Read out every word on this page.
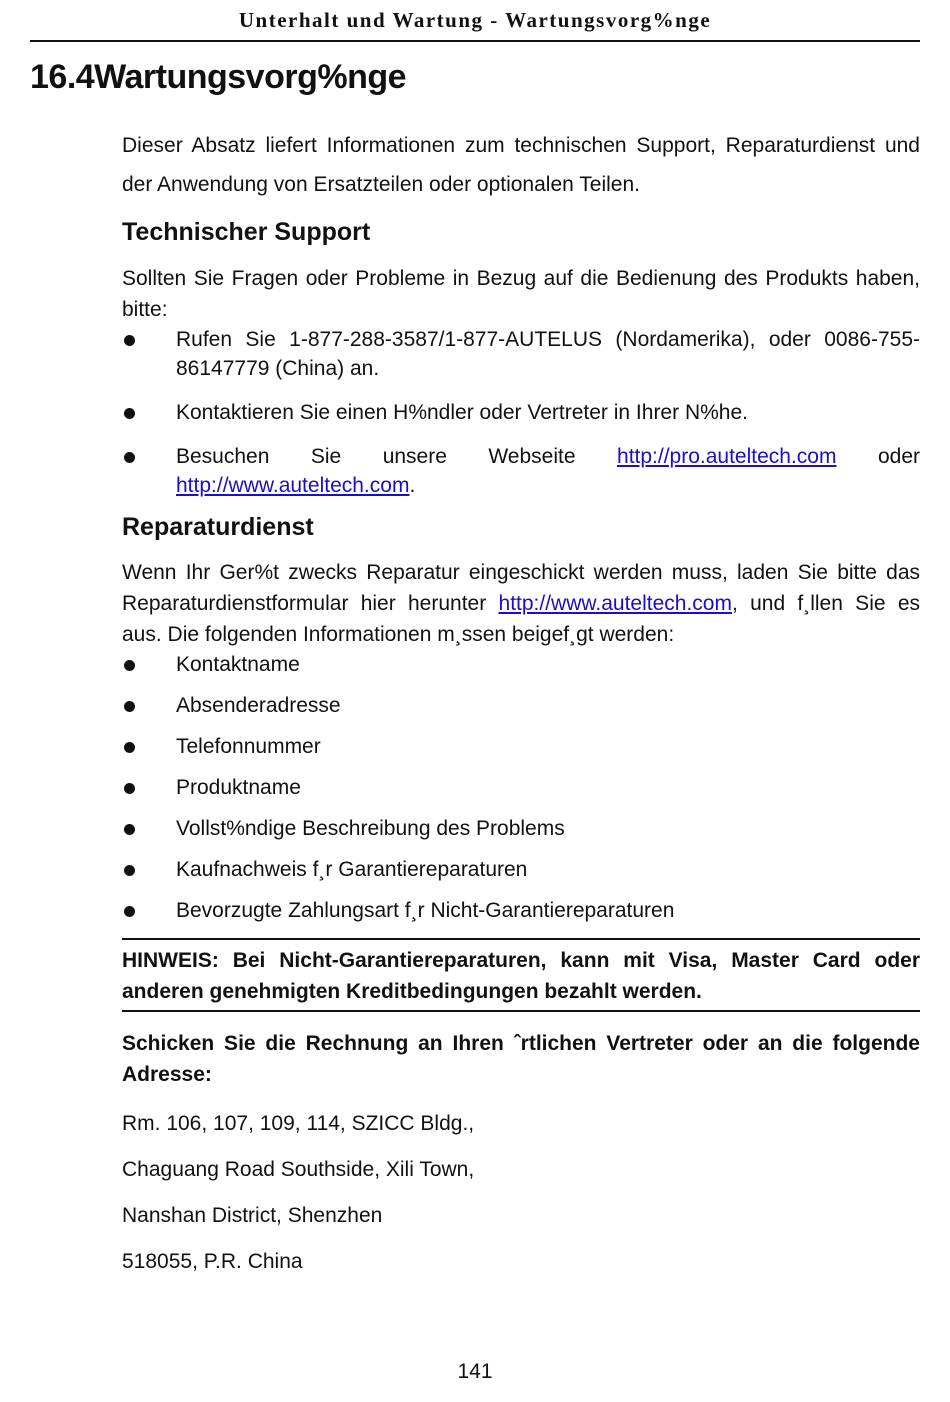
Unterhalt und Wartung - Wartungsvorg%nge
16.4Wartungsvorg%nge

Dieser Absatz liefert Informationen zum technischen Support, Reparaturdienst und der Anwendung von Ersatzteilen oder optionalen Teilen.

Technischer Support

Sollten Sie Fragen oder Probleme in Bezug auf die Bedienung des Produkts haben, bitte:

Rufen Sie 1-877-288-3587/1-877-AUTELUS (Nordamerika), oder 0086-755-86147779 (China) an.
Kontaktieren Sie einen H%ndler oder Vertreter in Ihrer N%he.
Besuchen Sie unsere Webseite http://pro.auteltech.com oder http://www.auteltech.com.
Reparaturdienst

Wenn Ihr Ger%t zwecks Reparatur eingeschickt werden muss, laden Sie bitte das Reparaturdienstformular hier herunter http://www.auteltech.com, und f¸llen Sie es aus. Die folgenden Informationen m¸ssen beigef¸gt werden:

Kontaktname
Absenderadresse
Telefonnummer
Produktname
Vollst%ndige Beschreibung des Problems
Kaufnachweis f¸r Garantiereparaturen
Bevorzugte Zahlungsart f¸r Nicht-Garantiereparaturen

HINWEIS: Bei Nicht-Garantiereparaturen, kann mit Visa, Master Card oder anderen genehmigten Kreditbedingungen bezahlt werden.

Schicken Sie die Rechnung an Ihren ˆrtlichen Vertreter oder an die folgende Adresse:

Rm. 106, 107, 109, 114, SZICC Bldg.,

Chaguang Road Southside, Xili Town,

Nanshan District, Shenzhen

518055, P.R. China

141
